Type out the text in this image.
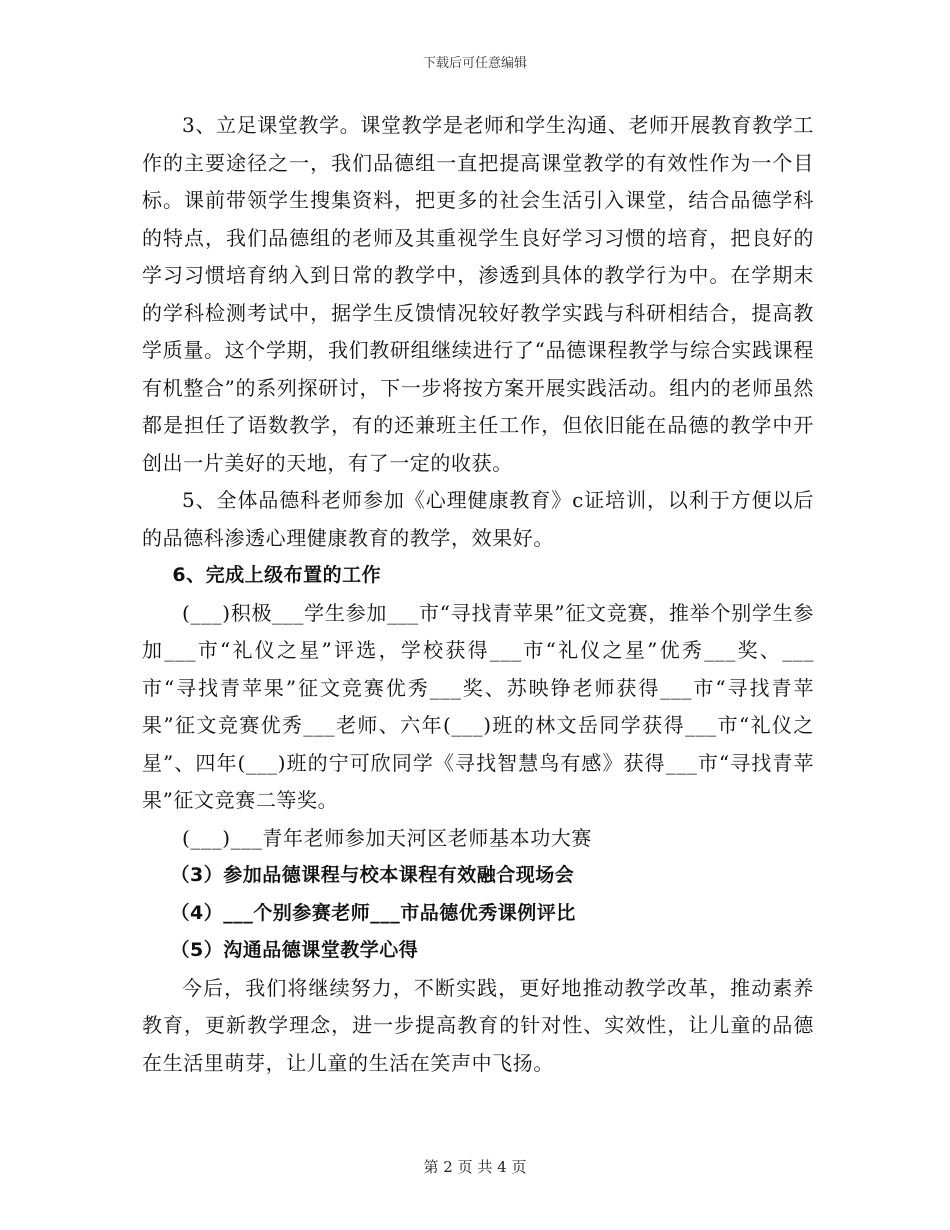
下载后可任意编辑

3、立足课堂教学。课堂教学是老师和学生沟通、老师开展教育教学工作的主要途径之一，我们品德组一直把提高课堂教学的有效性作为一个目标。课前带领学生搜集资料，把更多的社会生活引入课堂，结合品德学科的特点，我们品德组的老师及其重视学生良好学习习惯的培育，把良好的学习习惯培育纳入到日常的教学中，渗透到具体的教学行为中。在学期末的学科检测考试中，据学生反馈情况较好教学实践与科研相结合，提高教学质量。这个学期，我们教研组继续进行了“品德课程教学与综合实践课程有机整合”的系列探研讨，下一步将按方案开展实践活动。组内的老师虽然都是担任了语数教学，有的还兼班主任工作，但依旧能在品德的教学中开创出一片美好的天地，有了一定的收获。

5、全体品德科老师参加《心理健康教育》c证培训，以利于方便以后的品德科渗透心理健康教育的教学，效果好。

6、完成上级布置的工作

(___)积极___学生参加___市“寻找青苹果”征文竞赛，推举个别学生参加___市“礼仪之星”评选，学校获得___市“礼仪之星”优秀___奖、___市“寻找青苹果”征文竞赛优秀___奖、苏映铮老师获得___市“寻找青苹果”征文竞赛优秀___老师、六年(___)班的林文岳同学获得___市“礼仪之星”、四年(___)班的宁可欣同学《寻找智慧鸟有感》获得___市“寻找青苹果”征文竞赛二等奖。

(___)___青年老师参加天河区老师基本功大赛

（3）参加品德课程与校本课程有效融合现场会

（4）___个别参赛老师___市品德优秀课例评比

（5）沟通品德课堂教学心得

今后，我们将继续努力，不断实践，更好地推动教学改革，推动素养教育，更新教学理念，进一步提高教育的针对性、实效性，让儿童的品德在生活里萌芽，让儿童的生活在笑声中飞扬。

第 2 页 共 4 页
